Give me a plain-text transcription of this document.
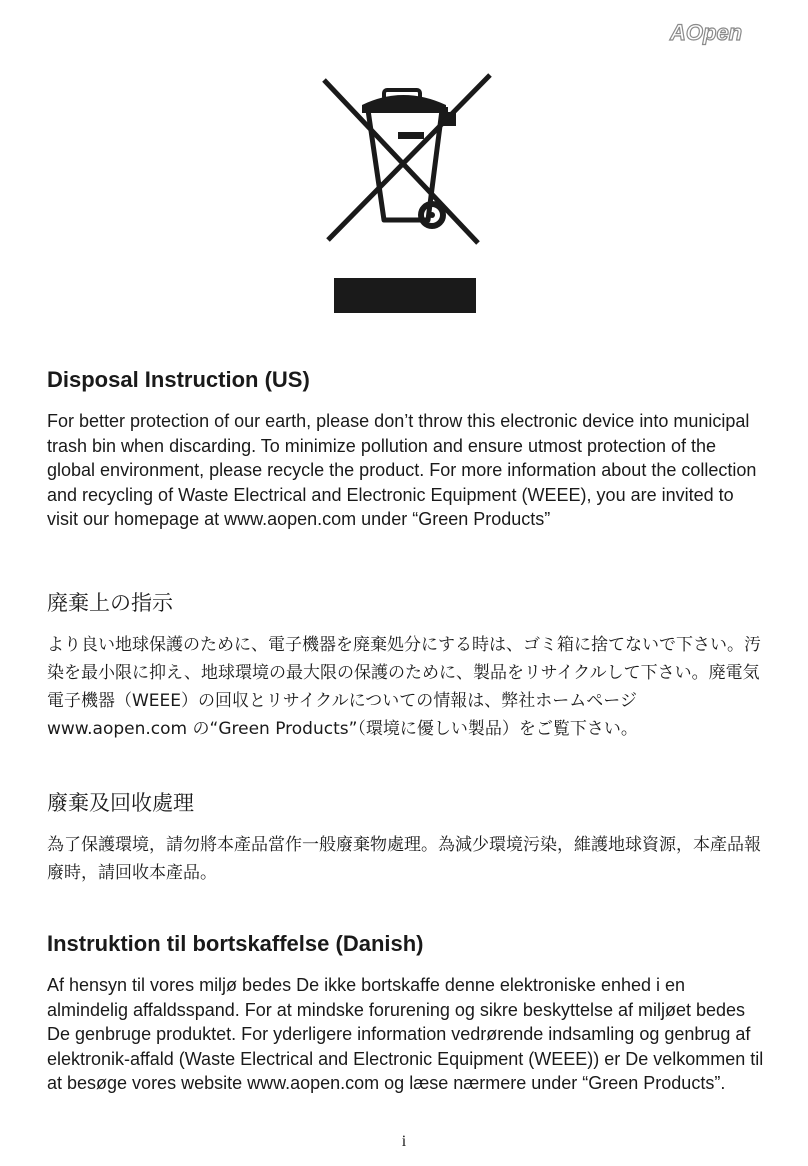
AOpen
Disposal Instruction (US)

For better protection of our earth, please don’t throw this electronic device into municipal trash bin when discarding. To minimize pollution and ensure utmost protection of the global environment, please recycle the product. For more information about the collection and recycling of Waste Electrical and Electronic Equipment (WEEE), you are invited to visit our homepage at www.aopen.com under “Green Products”

廃棄上の指示

より良い地球保護のために、電子機器を廃棄処分にする時は、ゴミ箱に捨てないで下さい。汚染を最小限に抑え、地球環境の最大限の保護のために、製品をリサイクルして下さい。廃電気電子機器（WEEE）の回収とリサイクルについての情報は、弊社ホームページwww.aopen.com の“Green Products”（環境に優しい製品）をご覧下さい。

廢棄及回收處理

為了保護環境，請勿將本產品當作一般廢棄物處理。為減少環境污染，維護地球資源，本產品報廢時，請回收本產品。

Instruktion til bortskaffelse (Danish)

Af hensyn til vores miljø bedes De ikke bortskaffe denne elektroniske enhed i en almindelig affaldsspand. For at mindske forurening og sikre beskyttelse af miljøet bedes De genbruge produktet. For yderligere information vedrørende indsamling og genbrug af elektronik-affald (Waste Electrical and Electronic Equipment (WEEE)) er De velkommen til at besøge vores website www.aopen.com og læse nærmere under “Green Products”.

i
